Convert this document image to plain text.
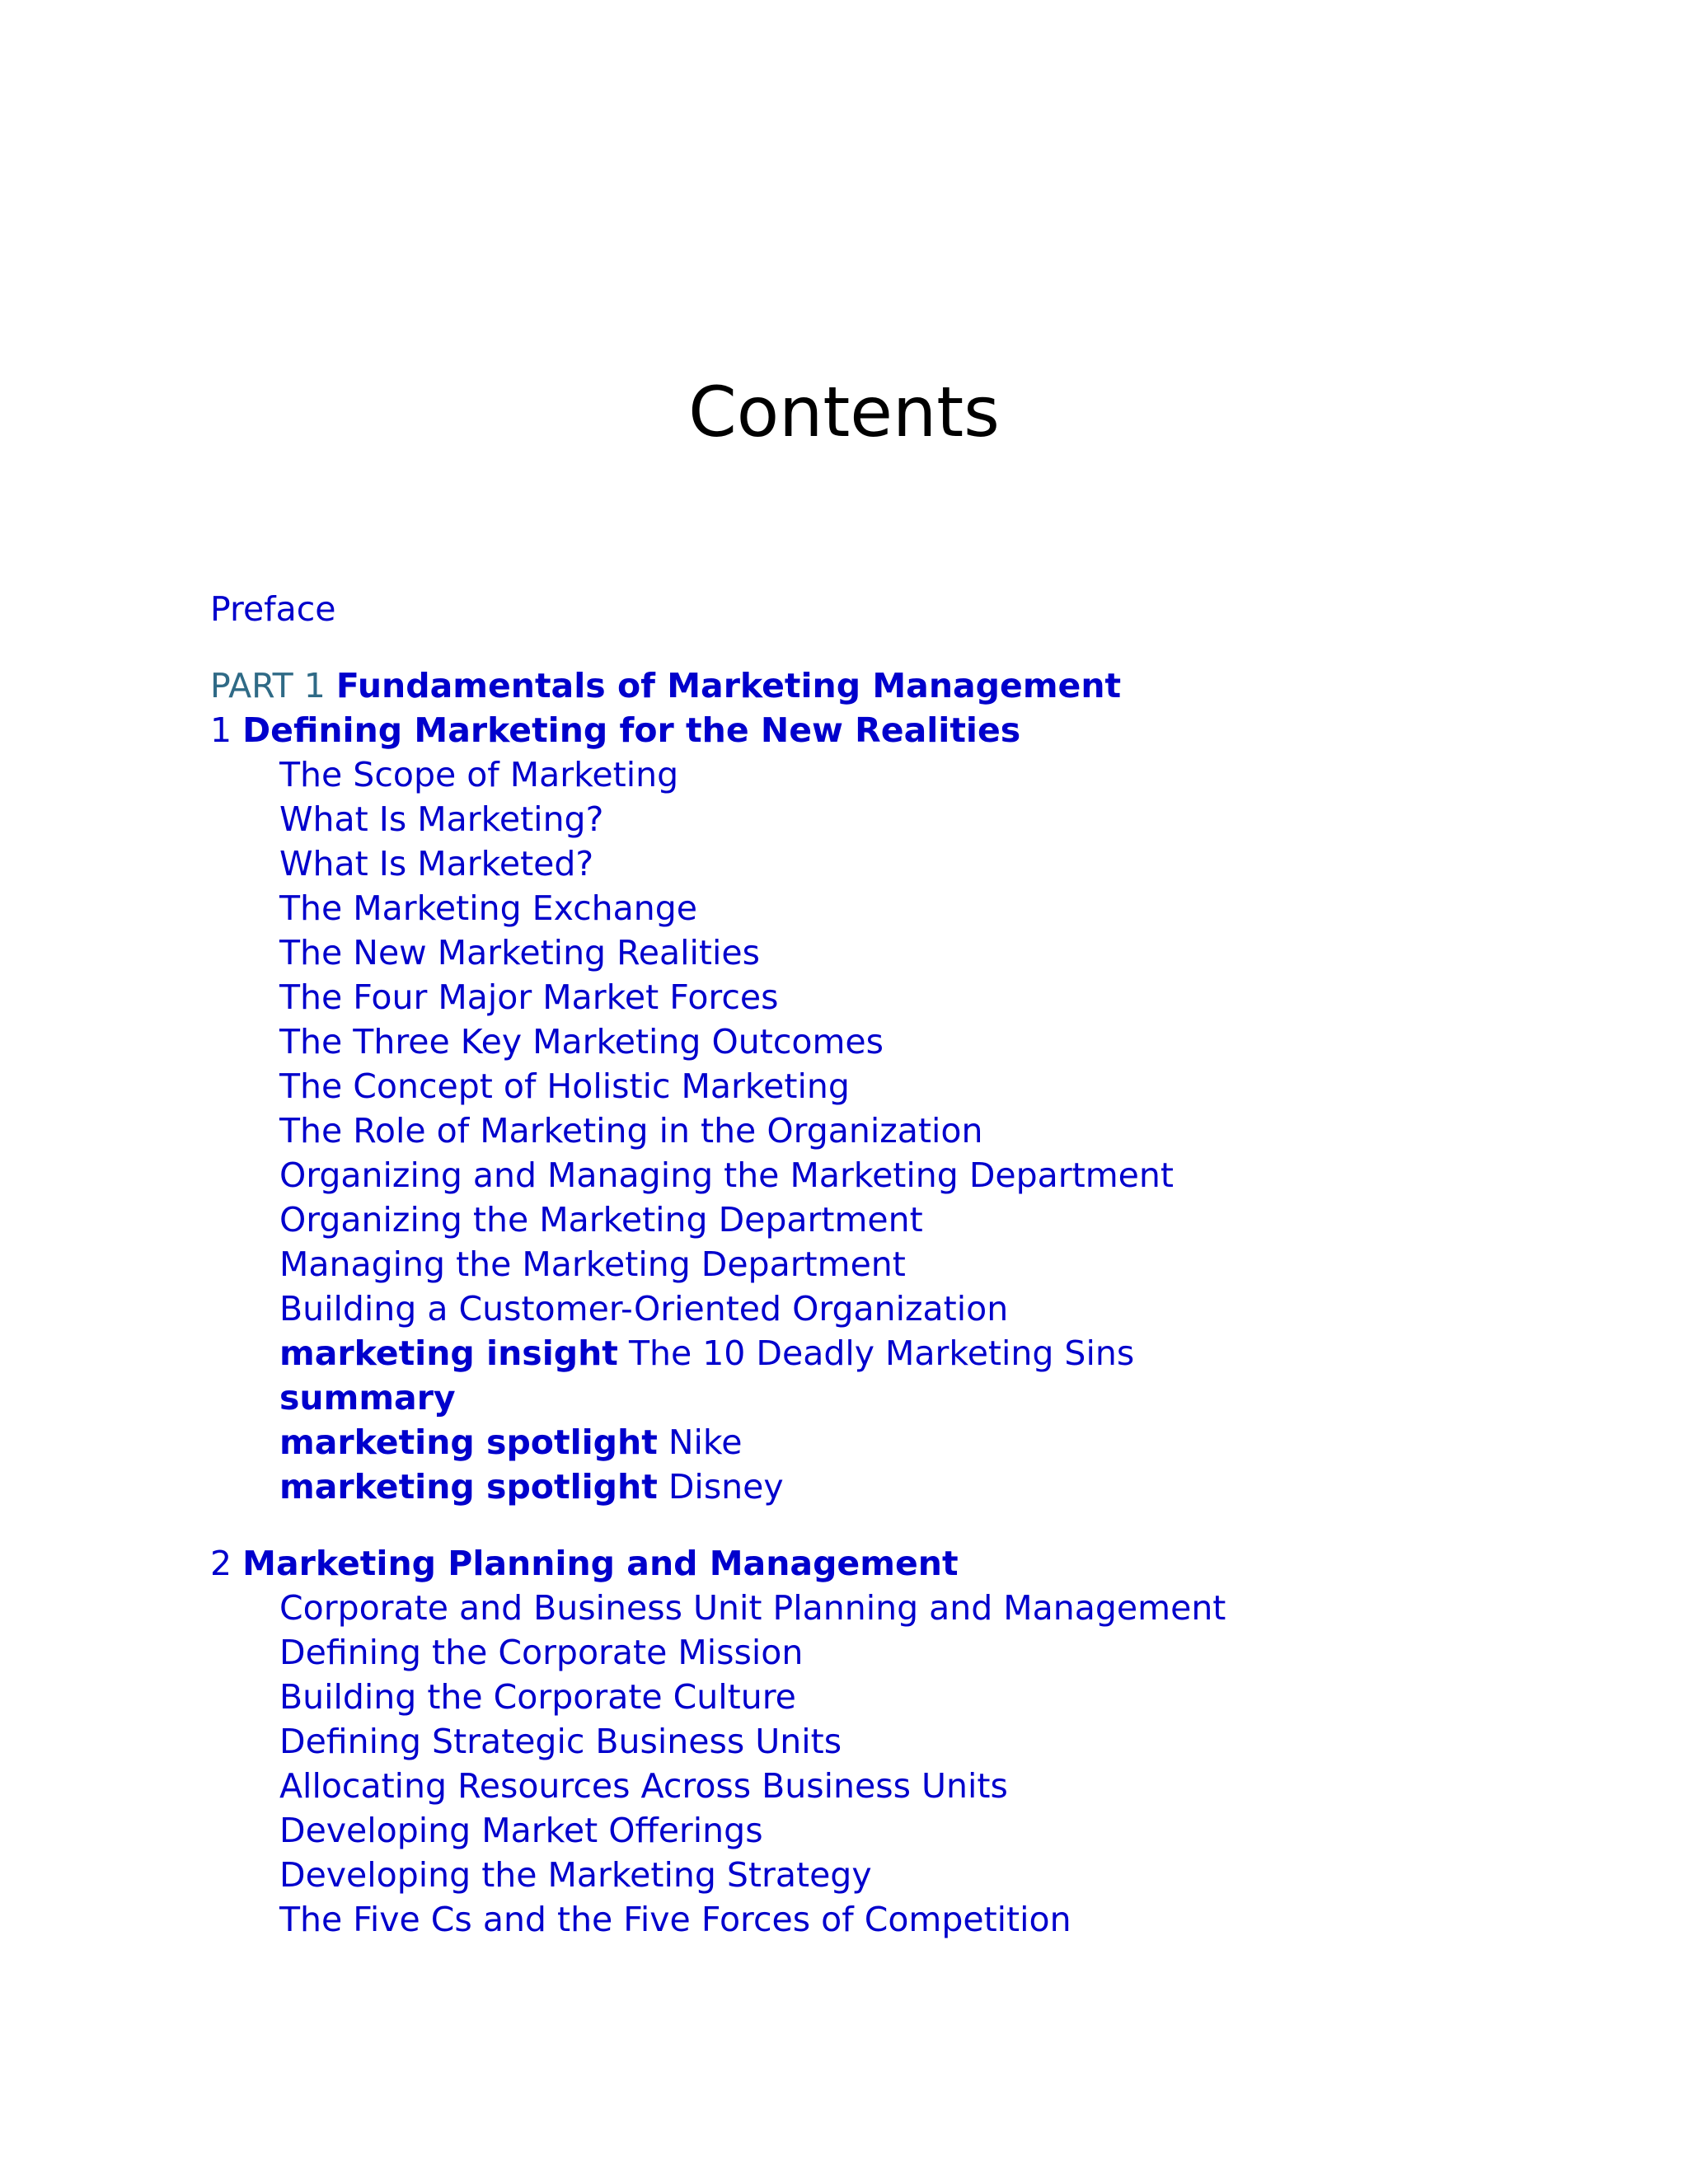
Contents
Preface
PART 1 Fundamentals of Marketing Management
1 Defining Marketing for the New Realities
The Scope of Marketing
What Is Marketing?
What Is Marketed?
The Marketing Exchange
The New Marketing Realities
The Four Major Market Forces
The Three Key Marketing Outcomes
The Concept of Holistic Marketing
The Role of Marketing in the Organization
Organizing and Managing the Marketing Department
Organizing the Marketing Department
Managing the Marketing Department
Building a Customer-Oriented Organization
marketing insight The 10 Deadly Marketing Sins
summary
marketing spotlight Nike
marketing spotlight Disney
2 Marketing Planning and Management
Corporate and Business Unit Planning and Management
Defining the Corporate Mission
Building the Corporate Culture
Defining Strategic Business Units
Allocating Resources Across Business Units
Developing Market Offerings
Developing the Marketing Strategy
The Five Cs and the Five Forces of Competition
